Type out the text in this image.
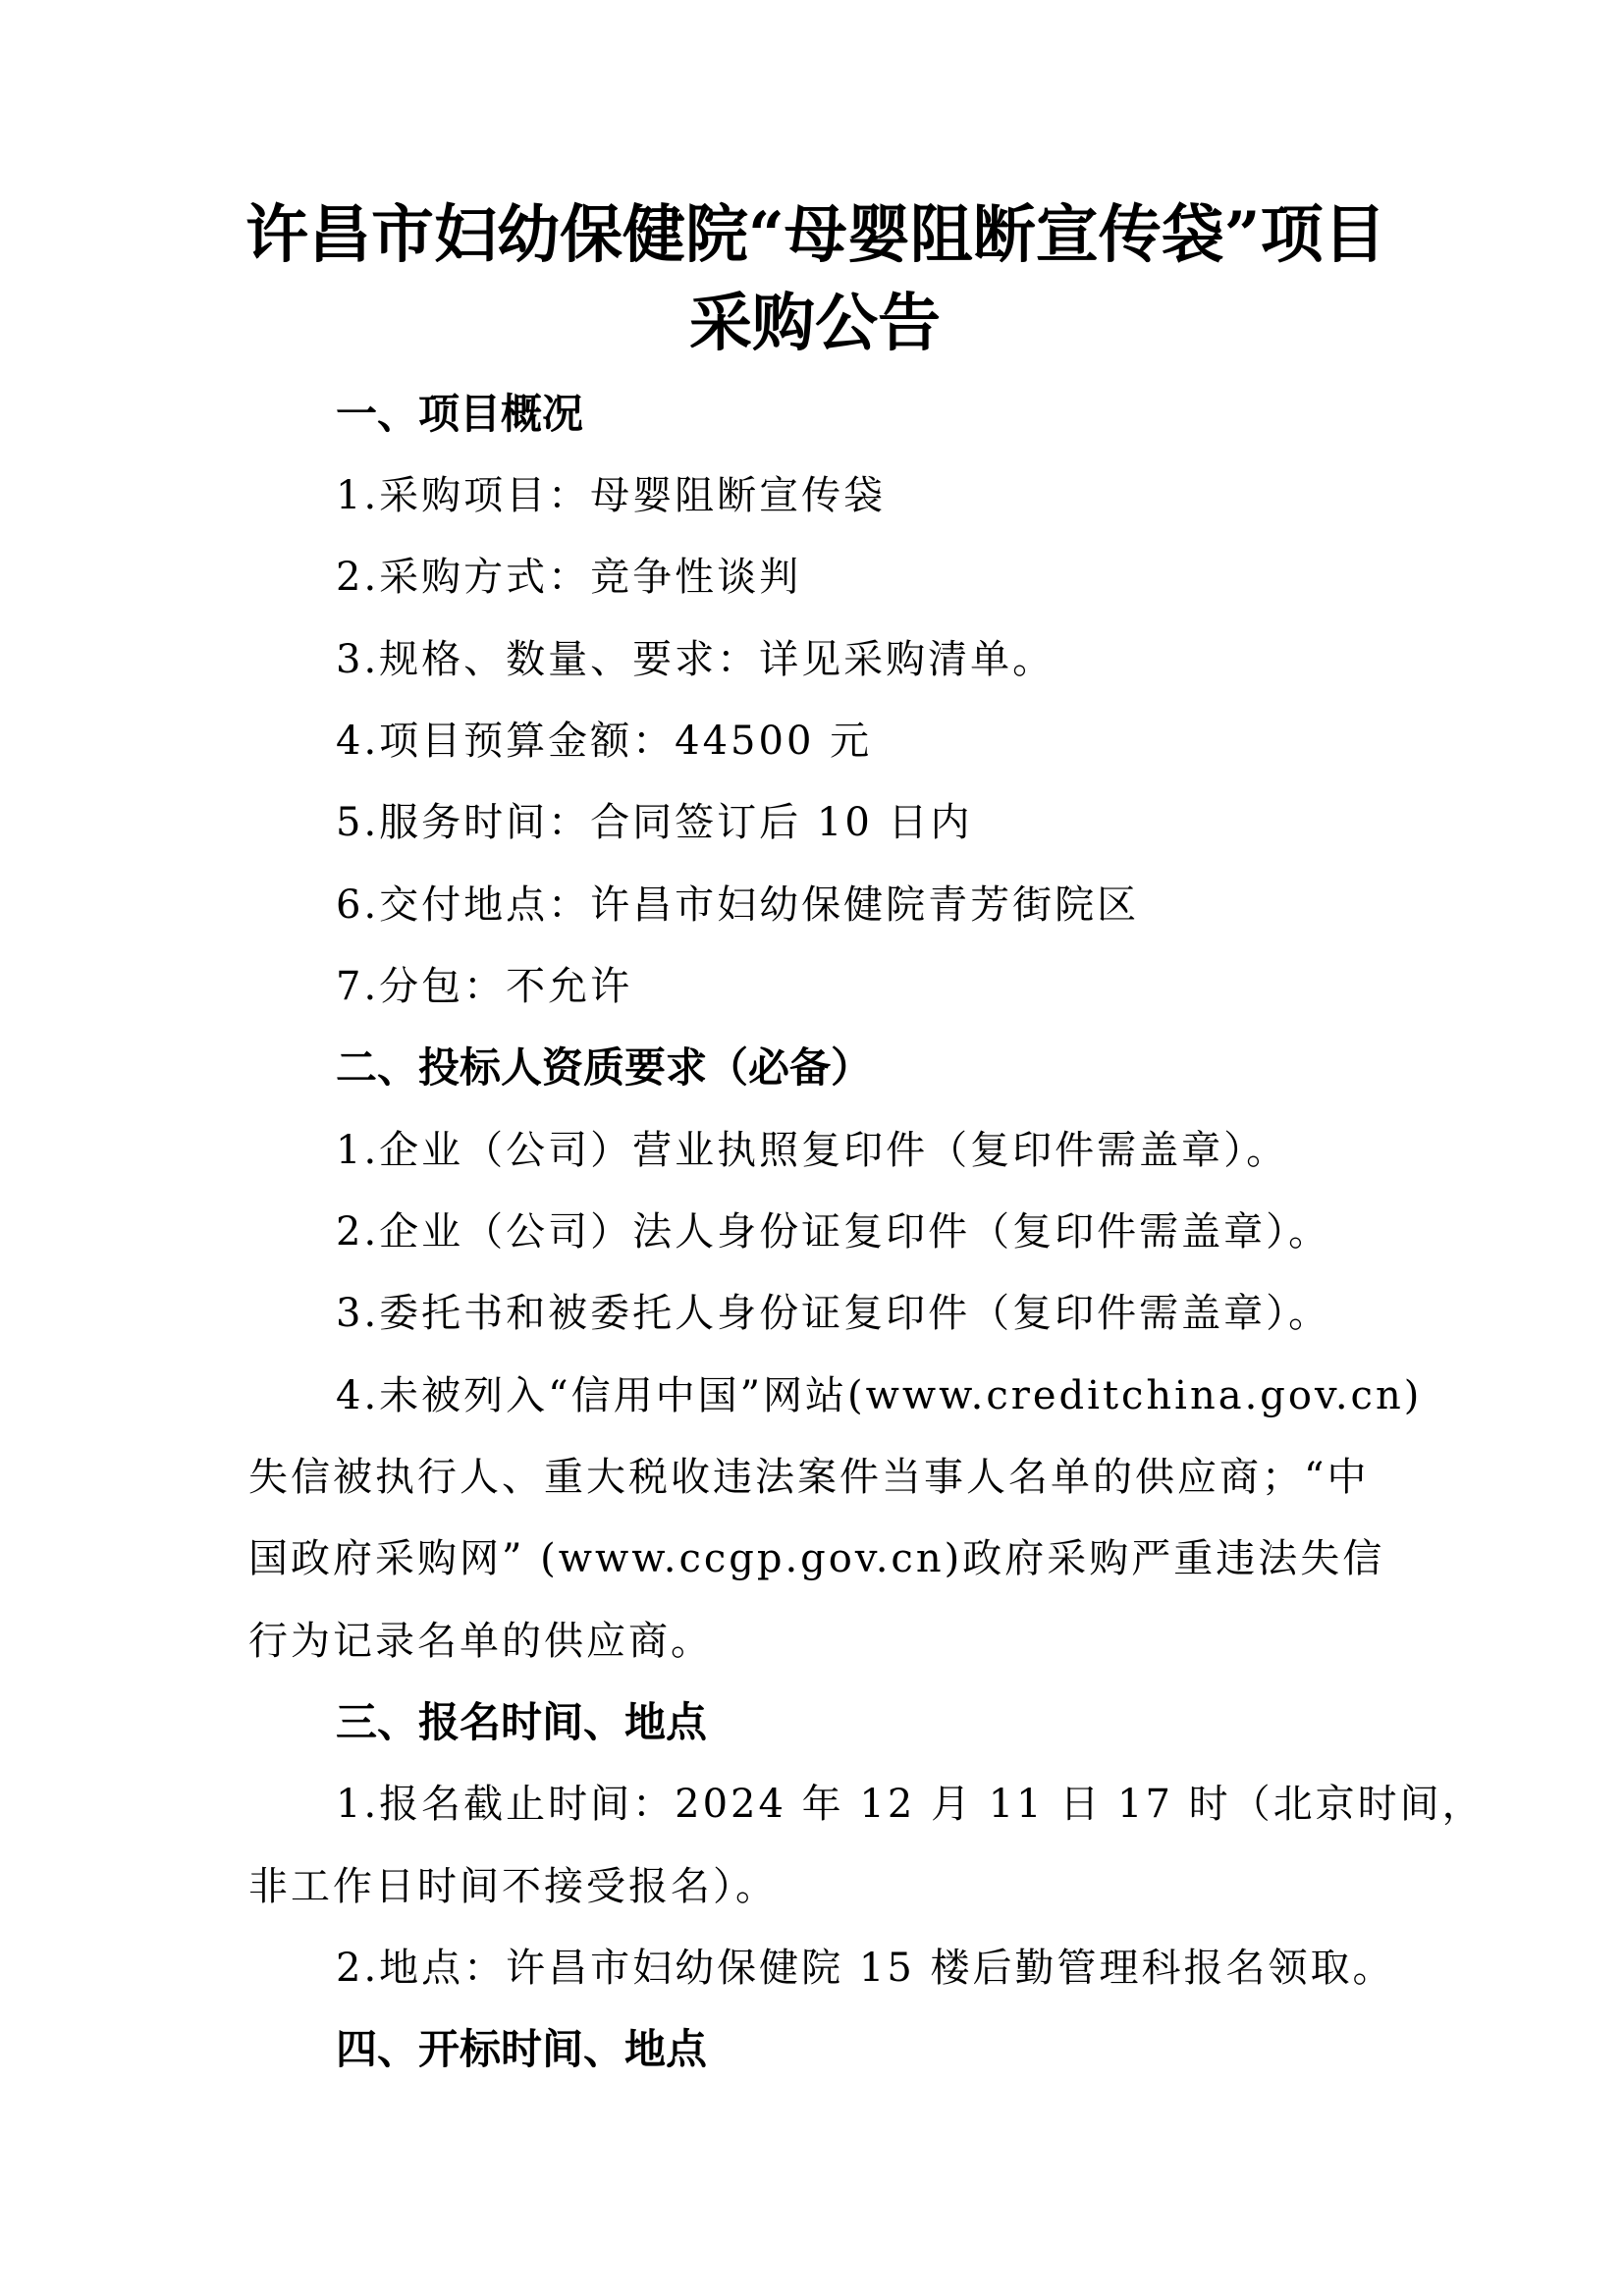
许昌市妇幼保健院“母婴阻断宣传袋”项目
采购公告
一、项目概况
1.采购项目：母婴阻断宣传袋
2.采购方式：竞争性谈判
3.规格、数量、要求：详见采购清单。
4.项目预算金额：44500 元
5.服务时间：合同签订后 10 日内
6.交付地点：许昌市妇幼保健院青芳街院区
7.分包：不允许
二、投标人资质要求（必备）
1.企业（公司）营业执照复印件（复印件需盖章）。
2.企业（公司）法人身份证复印件（复印件需盖章）。
3.委托书和被委托人身份证复印件（复印件需盖章）。
4.未被列入“信用中国”网站(www.creditchina.gov.cn)
失信被执行人、重大税收违法案件当事人名单的供应商；“中
国政府采购网” (www.ccgp.gov.cn)政府采购严重违法失信
行为记录名单的供应商。
三、报名时间、地点
1.报名截止时间：2024 年 12 月 11 日 17 时（北京时间，
非工作日时间不接受报名）。
2.地点：许昌市妇幼保健院 15 楼后勤管理科报名领取。
四、开标时间、地点
